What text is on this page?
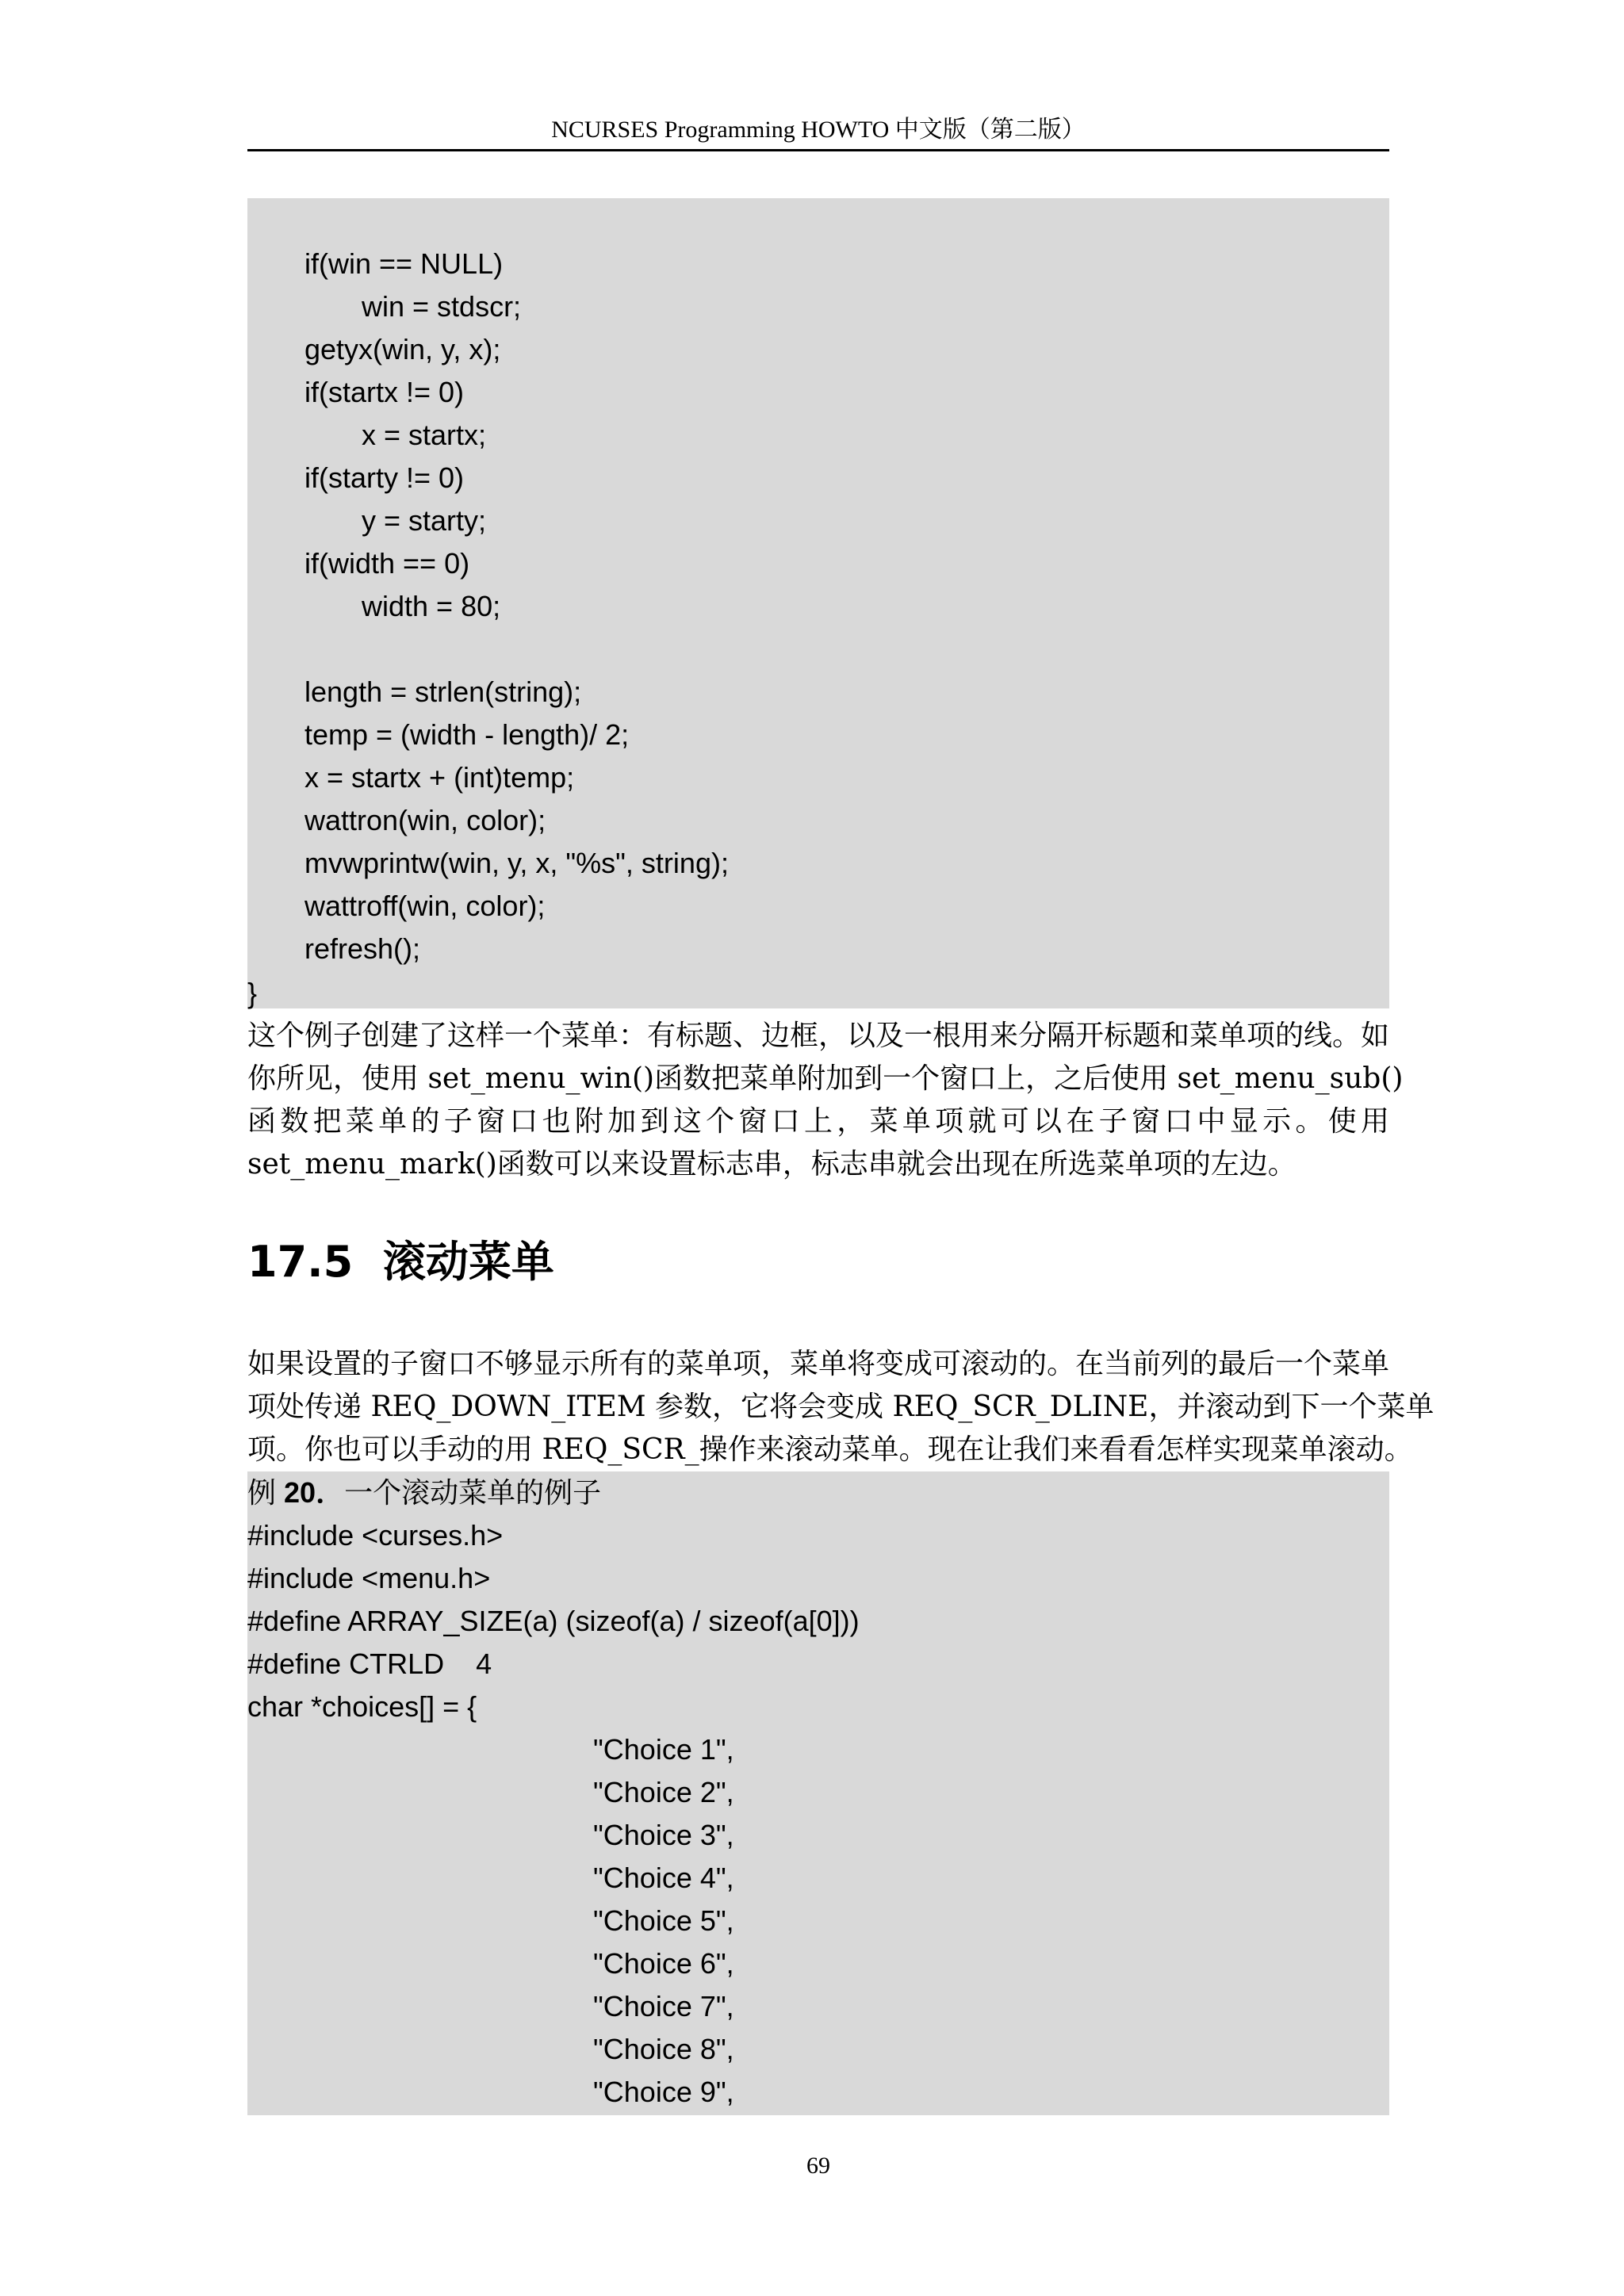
NCURSES Programming HOWTO 中文版（第二版）
if(win == NULL)
win = stdscr;
getyx(win, y, x);
if(startx != 0)
x = startx;
if(starty != 0)
y = starty;
if(width == 0)
width = 80;
length = strlen(string);
temp = (width - length)/ 2;
x = startx + (int)temp;
wattron(win, color);
mvwprintw(win, y, x, "%s", string);
wattroff(win, color);
refresh();
}
这个例子创建了这样一个菜单：有标题、边框，以及一根用来分隔开标题和菜单项的线。如
你所见，使用 set_menu_win()函数把菜单附加到一个窗口上，之后使用 set_menu_sub()
函数把菜单的子窗口也附加到这个窗口上，菜单项就可以在子窗口中显示。使用
set_menu_mark()函数可以来设置标志串，标志串就会出现在所选菜单项的左边。
17.5 滚动菜单
如果设置的子窗口不够显示所有的菜单项，菜单将变成可滚动的。在当前列的最后一个菜单
项处传递 REQ_DOWN_ITEM 参数，它将会变成 REQ_SCR_DLINE，并滚动到下一个菜单
项。你也可以手动的用 REQ_SCR_操作来滚动菜单。现在让我们来看看怎样实现菜单滚动。
例 20．一个滚动菜单的例子
#include <curses.h>
#include <menu.h>
#define ARRAY_SIZE(a) (sizeof(a) / sizeof(a[0]))
#define CTRLD    4
char *choices[] = {
"Choice 1",
"Choice 2",
"Choice 3",
"Choice 4",
"Choice 5",
"Choice 6",
"Choice 7",
"Choice 8",
"Choice 9",
69
